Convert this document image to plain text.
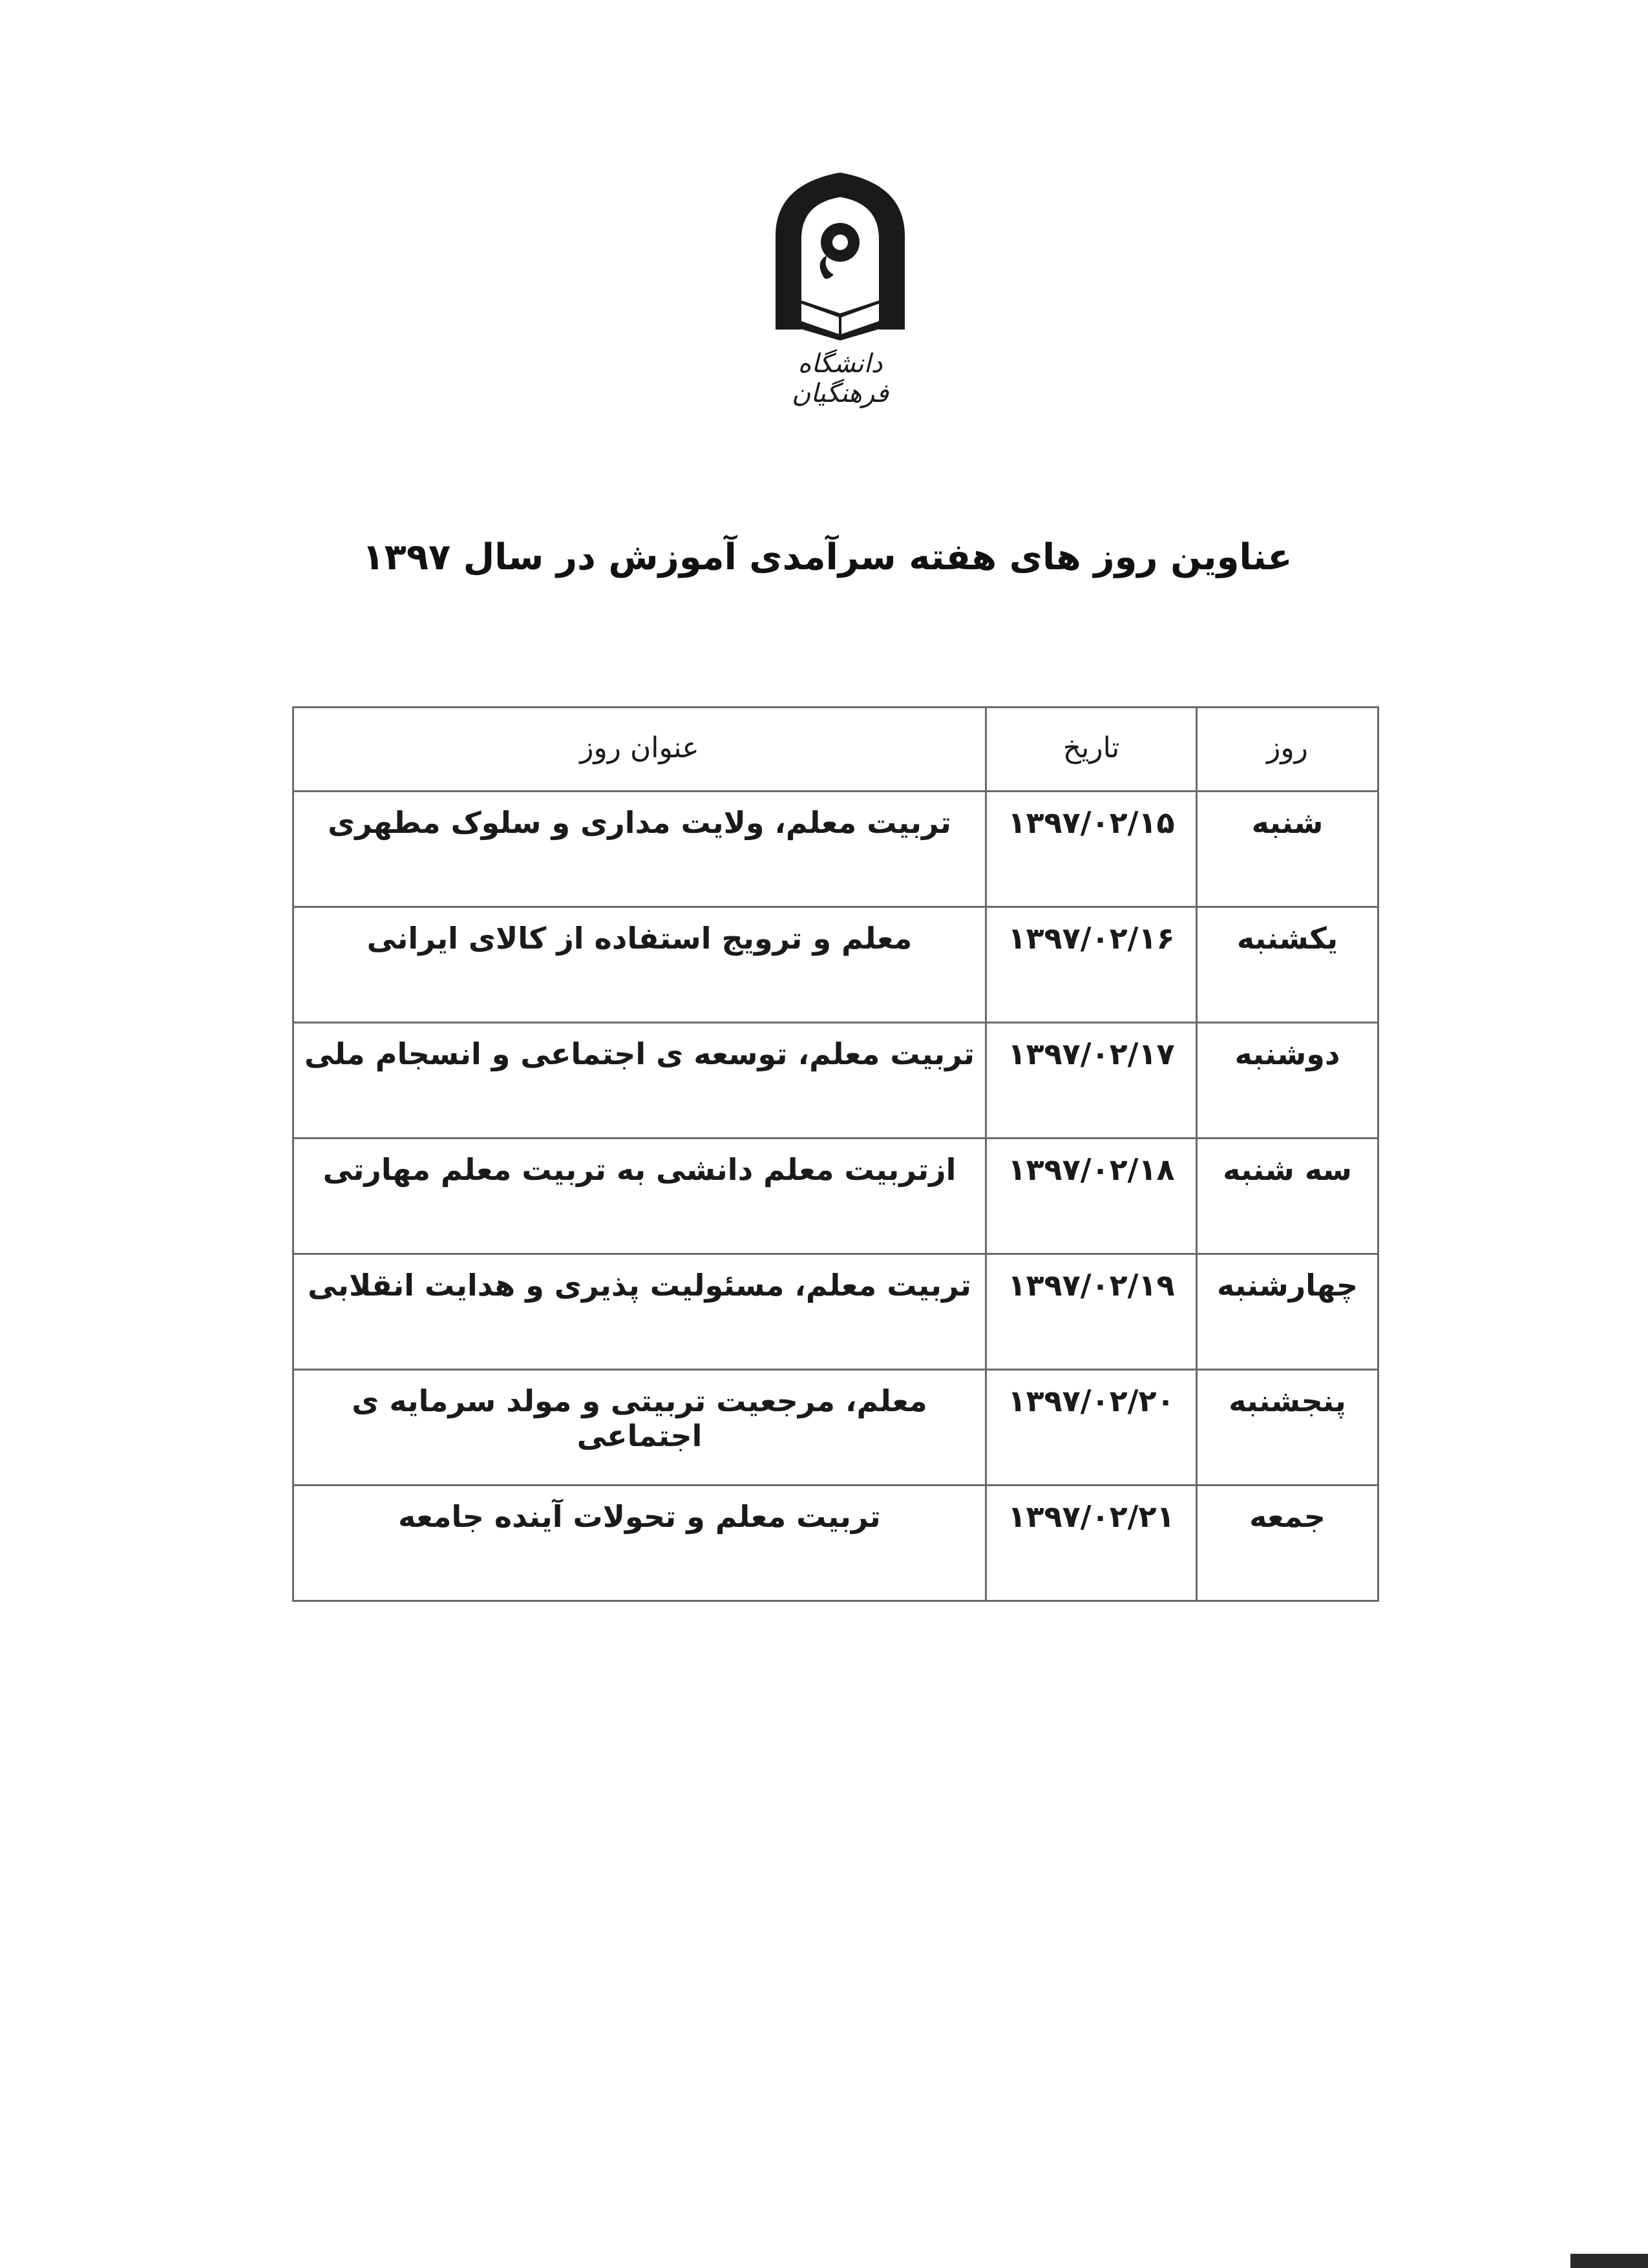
دانشگاه فرهنگیان
عناوین روز های هفته سرآمدی آموزش در سال ۱۳۹۷
روز	تاریخ	عنوان روز
شنبه	۱۳۹۷/۰۲/۱۵	تربیت معلم، ولایت مداری و سلوک مطهری
یکشنبه	۱۳۹۷/۰۲/۱۶	معلم و ترویج استفاده از کالای ایرانی
دوشنبه	۱۳۹۷/۰۲/۱۷	تربیت معلم، توسعه ی اجتماعی و انسجام ملی
سه شنبه	۱۳۹۷/۰۲/۱۸	ازتربیت معلم دانشی به تربیت معلم مهارتی
چهارشنبه	۱۳۹۷/۰۲/۱۹	تربیت معلم، مسئولیت پذیری و هدایت انقلابی
پنجشنبه	۱۳۹۷/۰۲/۲۰	معلم، مرجعیت تربیتی و مولد سرمایه ی اجتماعی
جمعه	۱۳۹۷/۰۲/۲۱	تربیت معلم و تحولات آینده جامعه
